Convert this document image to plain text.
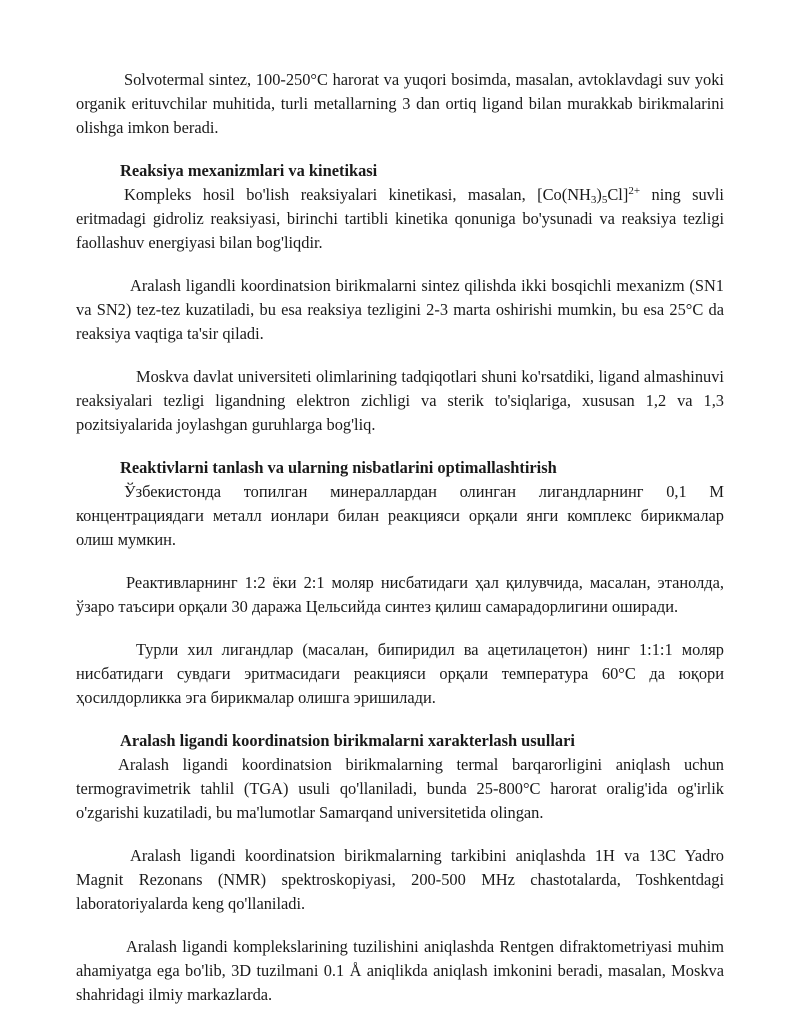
Solvotermal sintez, 100-250°C harorat va yuqori bosimda, masalan, avtoklavdagi suv yoki organik erituvchilar muhitida, turli metallarning 3 dan ortiq ligand bilan murakkab birikmalarini olishga imkon beradi.

Reaksiya mexanizmlari va kinetikasi

Kompleks hosil bo'lish reaksiyalari kinetikasi, masalan, $[Co(NH_3)_5Cl]^{2+}$ ning suvli eritmadagi gidroliz reaksiyasi, birinchi tartibli kinetika qonuniga bo'ysunadi va reaksiya tezligi faollashuv energiyasi bilan bog'liqdir.

Aralash ligandli koordinatsion birikmalarni sintez qilishda ikki bosqichli mexanizm (SN1 va SN2) tez-tez kuzatiladi, bu esa reaksiya tezligini 2-3 marta oshirishi mumkin, bu esa 25°C da reaksiya vaqtiga ta'sir qiladi.

Moskva davlat universiteti olimlarining tadqiqotlari shuni ko'rsatdiki, ligand almashinuvi reaksiyalari tezligi ligandning elektron zichligi va sterik to'siqlariga, xususan 1,2 va 1,3 pozitsiyalarida joylashgan guruhlarga bog'liq.

Reaktivlarni tanlash va ularning nisbatlarini optimallashtirish

Ўзбекистонда топилган минераллардан олинган лигандларнинг 0,1 М концентрациядаги металл ионлари билан реакцияси орқали янги комплекс бирикмалар олиш мумкин.

Реактивларнинг 1:2 ёки 2:1 моляр нисбатидаги ҳал қилувчида, масалан, этанолда, ўзаро таъсири орқали 30 даража Цельсийда синтез қилиш самарадорлигини оширади.

Турли хил лигандлар (масалан, бипиридил ва ацетилацетон) нинг 1:1:1 моляр нисбатидаги сувдаги эритмасидаги реакцияси орқали температура 60°C да юқори ҳосилдорликка эга бирикмалар олишга эришилади.

Aralash ligandi koordinatsion birikmalarni xarakterlash usullari

Aralash ligandi koordinatsion birikmalarning termal barqarorligini aniqlash uchun termogravimetrik tahlil (TGA) usuli qo'llaniladi, bunda 25-800°C harorat oralig'ida og'irlik o'zgarishi kuzatiladi, bu ma'lumotlar Samarqand universitetida olingan.

Aralash ligandi koordinatsion birikmalarning tarkibini aniqlashda 1H va 13C Yadro Magnit Rezonans (NMR) spektroskopiyasi, 200-500 MHz chastotalarda, Toshkentdagi laboratoriyalarda keng qo'llaniladi.

Aralash ligandi komplekslarining tuzilishini aniqlashda Rentgen difraktometriyasi muhim ahamiyatga ega bo'lib, 3D tuzilmani 0.1 Å aniqlikda aniqlash imkonini beradi, masalan, Moskva shahridagi ilmiy markazlarda.
